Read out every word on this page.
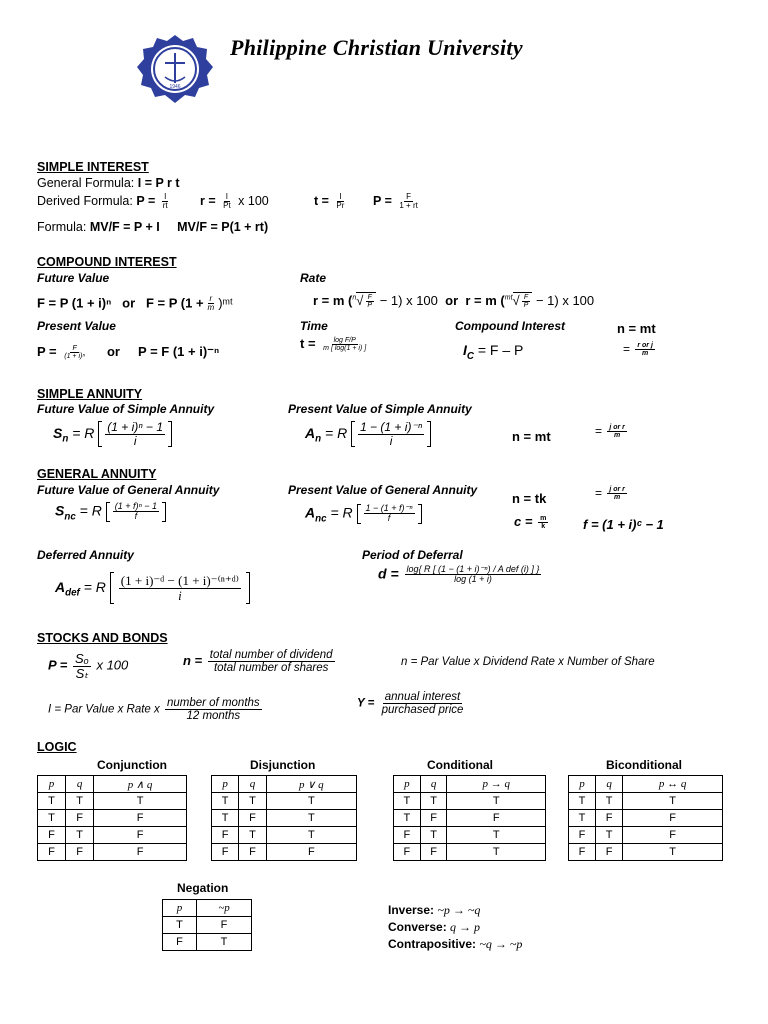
1946
Philippine Christian University
SIMPLE INTEREST
General Formula: I = P r t
Derived Formula: $P = \frac{I}{rt}$ $r = \frac{I}{Pt}$ x 100	$t = \frac{I}{Pr}$ $P = \frac{F}{1 + rt}$
Formula: MV/F = P + I MV/F = P(1 + rt)
COMPOUND INTEREST
Future Value	Rate
F = P (1 + i)ⁿ or F = P ($1 + \frac{r}{m}$ )ᵐᵗ	r = m $(^n√ \frac{F}{P} - 1)$ x 100 or r = m $(^{mt}√ \frac{F}{P} - 1)$ x 100
Present Value	Time	Compound Interest	n = mt
$P = \frac{F}{\text{(1 + i)ⁿ}}$ or P = F (1 + i)⁻ⁿ
$t = \frac{\text{log F/P}}{m [ \log(1 + i) ]}$	$I_C = F - P$	= $\frac{\text{r or j}}{m}$
SIMPLE ANNUITY
Future Value of Simple Annuity	Present Value of Simple Annuity
$S_n = R \frac{\text{(1 + i)ⁿ − 1}}{i}$	$A_n = R \frac{\text{1 − (1 + i)⁻ⁿ}}{i}$	n = mt	= $\frac{\text{j or r}}{m}$
GENERAL ANNUITY
Future Value of General Annuity	Present Value of General Annuity
$S_{nc} = R \frac{\text{(1 + f)ⁿ − 1}}{f}$	$A_{nc} = R \frac{\text{1 − (1 + f)⁻ⁿ}}{f}$
n = tk	= $\frac{\text{j or r}}{m}$
$c = \frac{m}{k}$	f = (1 + i)ᶜ − 1
Deferred Annuity	Period of Deferral
$A_{def} = R \frac{\text{(1 + i)⁻ᵈ − (1 + i)⁻⁽ⁿ⁺ᵈ⁾}}{i}$
$d = \frac{\text{log\{ R [ (1 − (1 + i)⁻ⁿ) / A def (i) ] \}}}{\log (1 + i)}$
STOCKS AND BONDS
$P = \frac{\text{Sₒ}}{\text{Sₜ}}$ x 100	$n = \frac{\text{total number of dividend}}{\text{total number of shares}}$	n = Par Value x Dividend Rate x Number of Share
I = Par Value x Rate x $\frac{\text{number of months}}{\text{12 months}}$	$Y = \frac{\text{annual interest}}{\text{purchased price}}$
LOGIC
Conjunction
p	q	p ∧ q
T	T	T
T	F	F
F	T	F
F	F	F
Disjunction
p	q	p ∨ q
T	T	T
T	F	T
F	T	T
F	F	F
Conditional
p	q	p → q
T	T	T
T	F	F
F	T	T
F	F	T
Biconditional
p	q	p ↔ q
T	T	T
T	F	F
F	T	F
F	F	T
Negation
p	~p
T	F
F	T
Inverse: ~p → ~q
Converse: q → p
Contrapositive: ~q → ~p
